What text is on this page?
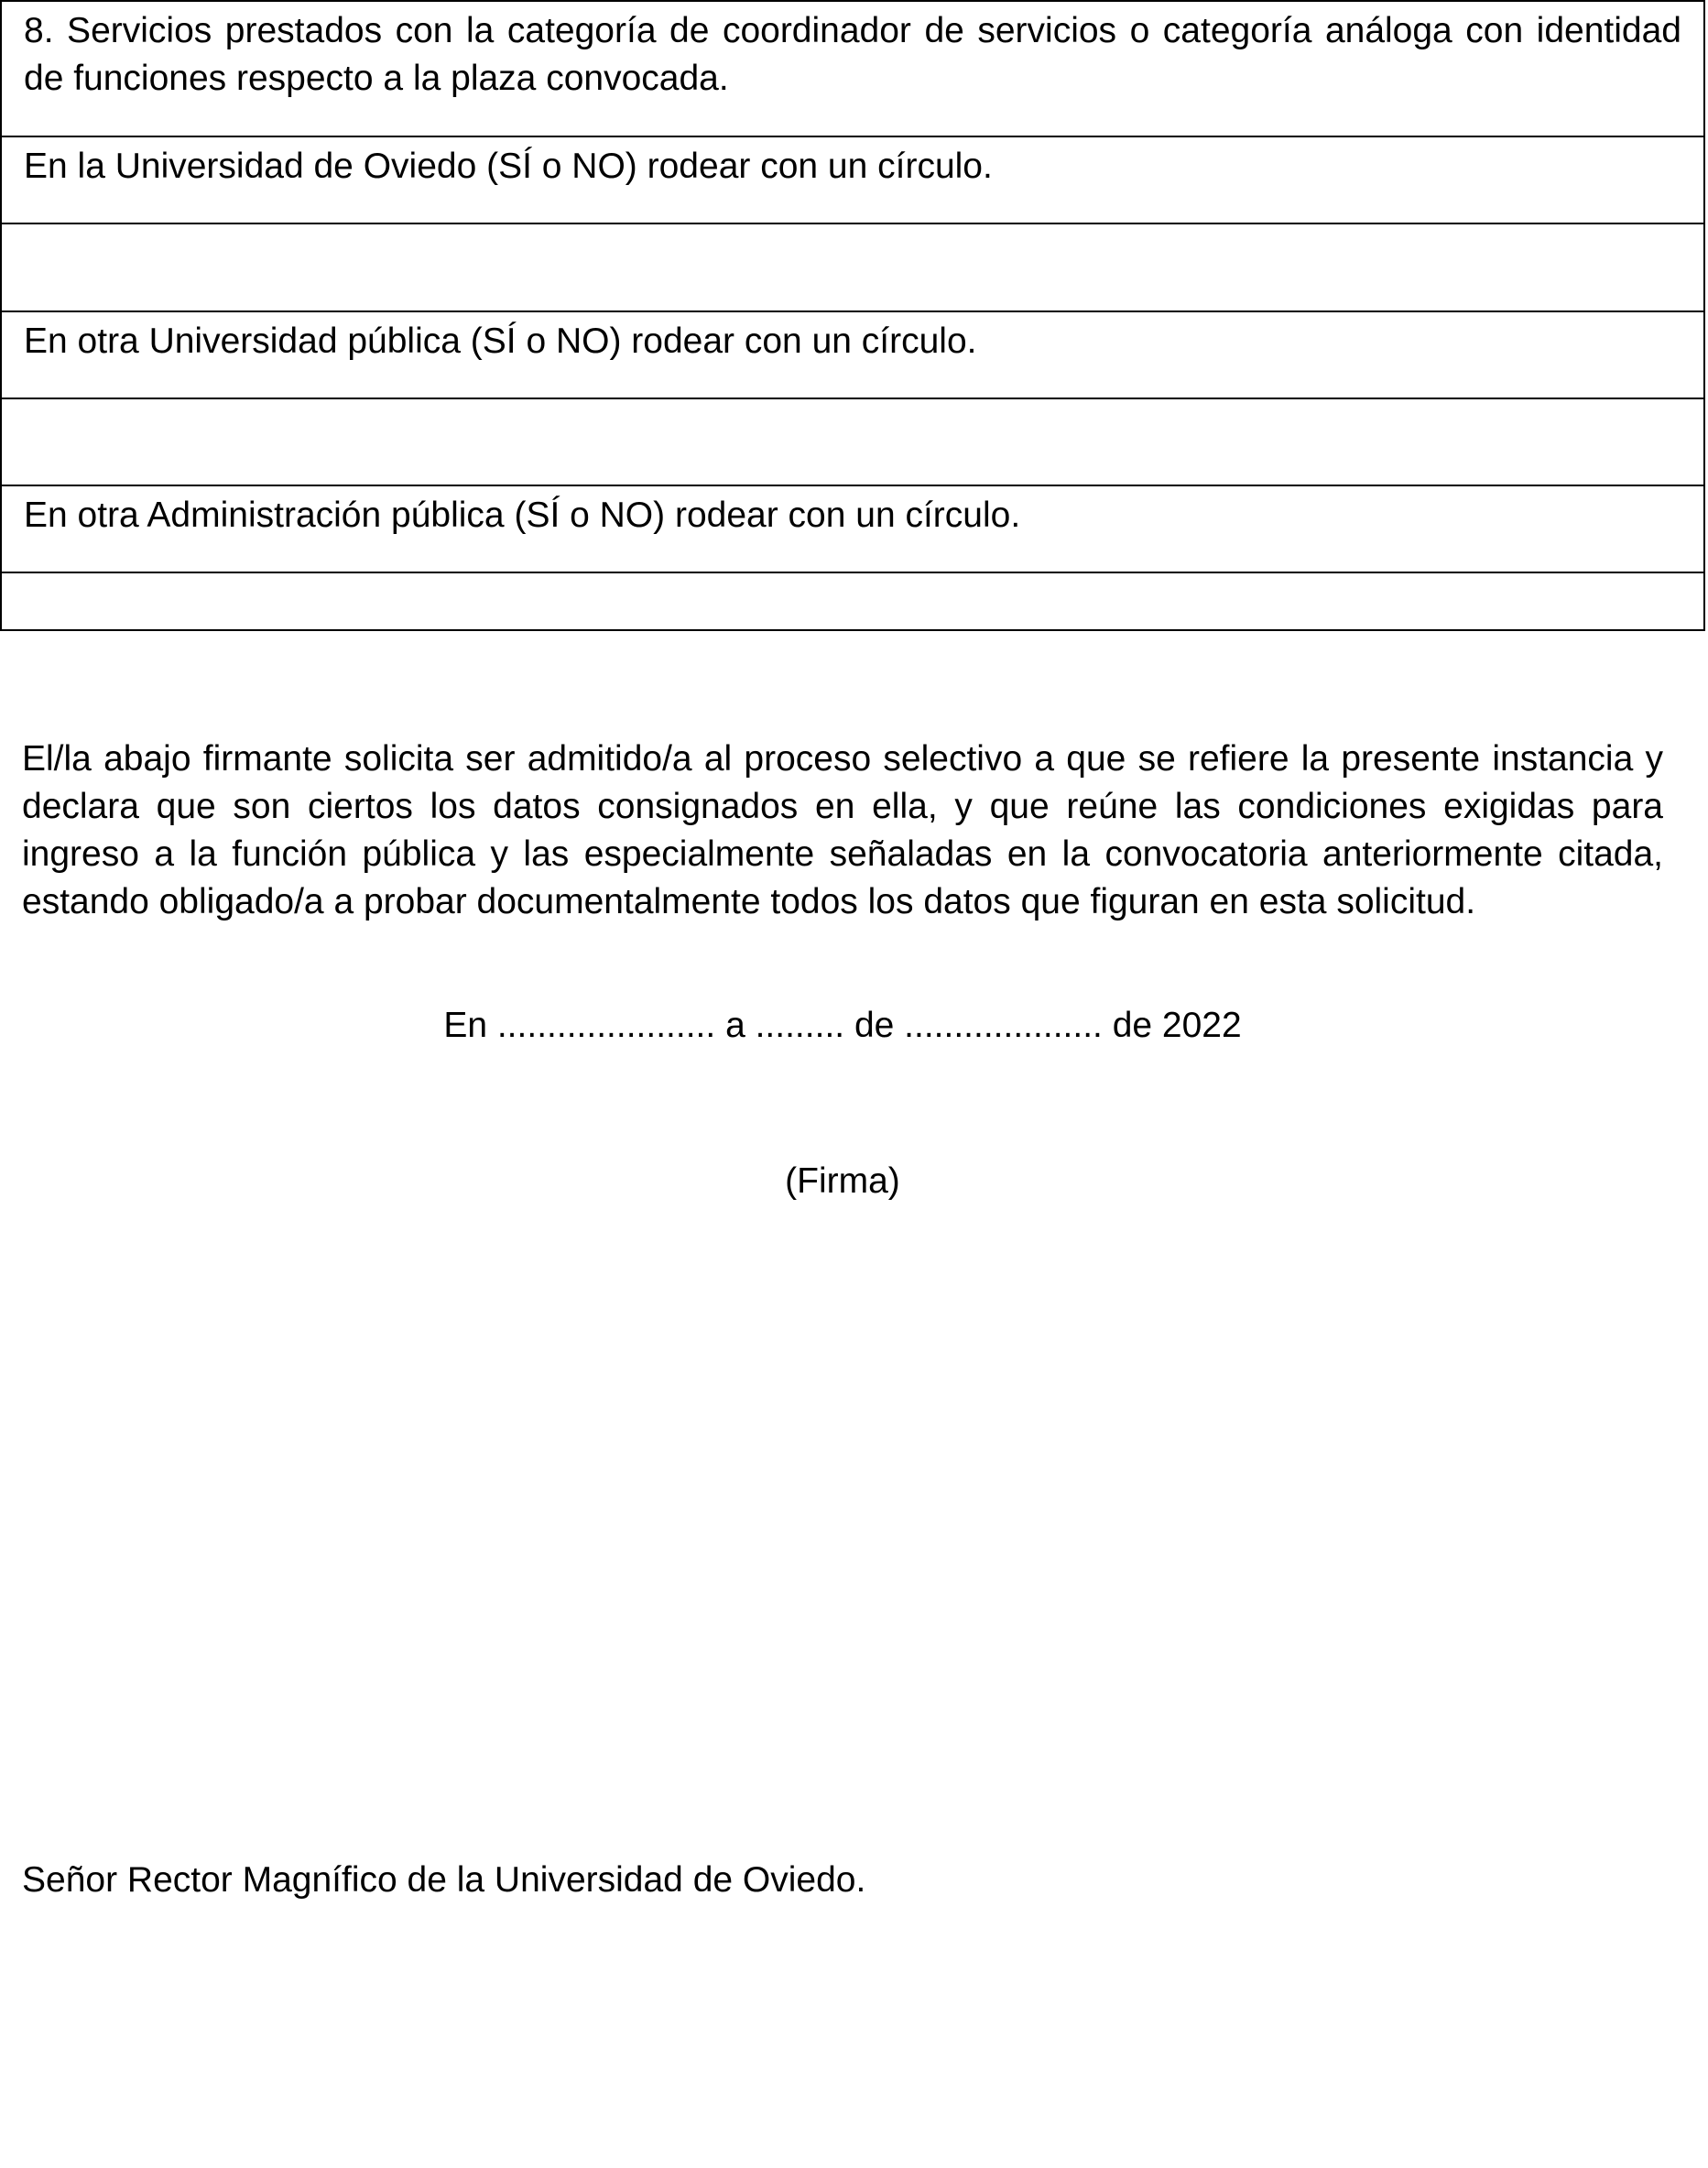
8. Servicios prestados con la categoría de coordinador de servicios o categoría análoga con identidad de funciones respecto a la plaza convocada.
En la Universidad de Oviedo (SÍ o NO) rodear con un círculo.
En otra Universidad pública (SÍ o NO) rodear con un círculo.
En otra Administración pública (SÍ o NO) rodear con un círculo.
El/la abajo firmante solicita ser admitido/a al proceso selectivo a que se refiere la presente instancia y declara que son ciertos los datos consignados en ella, y que reúne las condiciones exigidas para ingreso a la función pública y las especialmente señaladas en la convocatoria anteriormente citada, estando obligado/a a probar documentalmente todos los datos que figuran en esta solicitud.
En ...................... a ......... de .................... de 2022
(Firma)
Señor Rector Magnífico de la Universidad de Oviedo.
